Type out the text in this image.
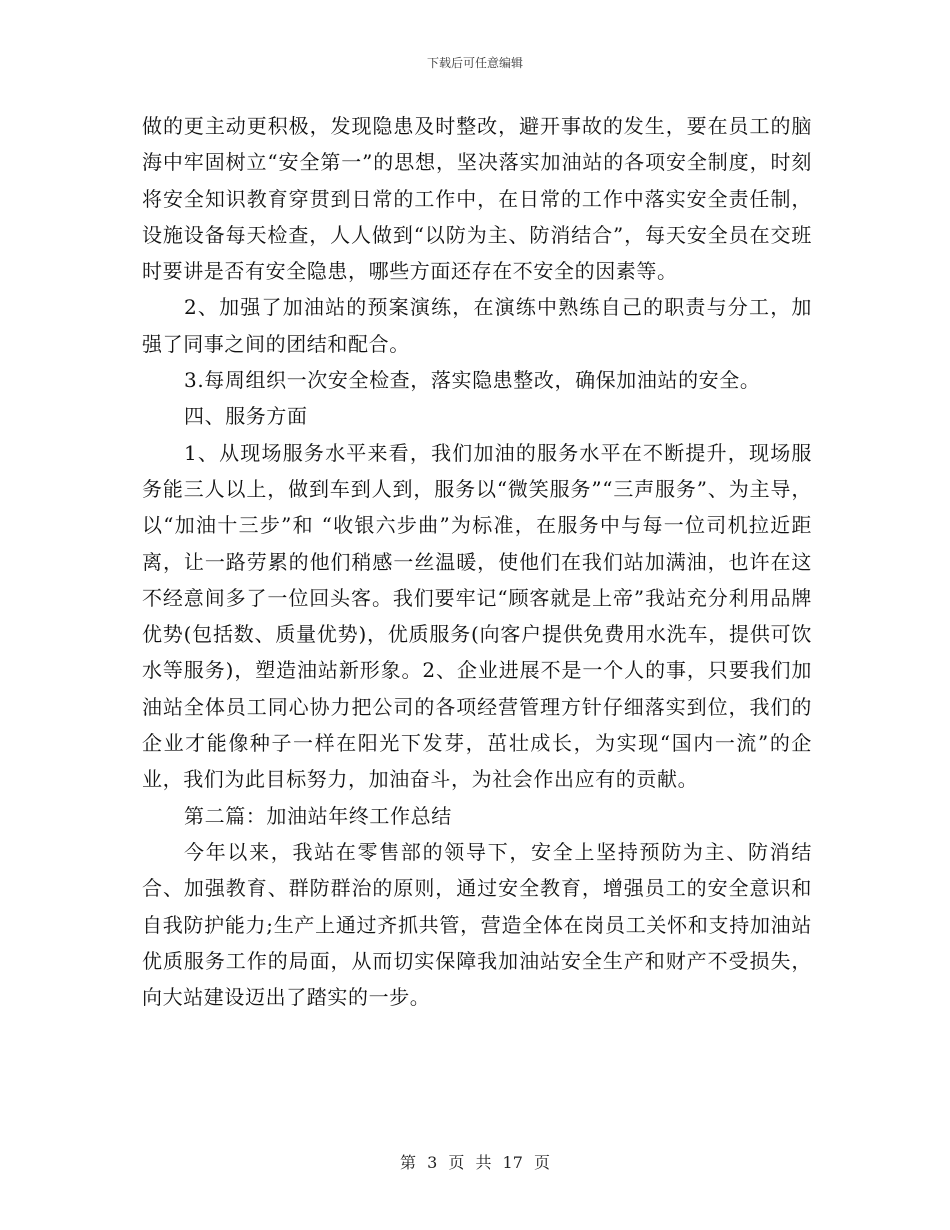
下载后可任意编辑

做的更主动更积极，发现隐患及时整改，避开事故的发生，要在员工的脑海中牢固树立“安全第一”的思想，坚决落实加油站的各项安全制度，时刻将安全知识教育穿贯到日常的工作中，在日常的工作中落实安全责任制，设施设备每天检查，人人做到“以防为主、防消结合”，每天安全员在交班时要讲是否有安全隐患，哪些方面还存在不安全的因素等。

2、加强了加油站的预案演练，在演练中熟练自己的职责与分工，加强了同事之间的团结和配合。

3.每周组织一次安全检查，落实隐患整改，确保加油站的安全。

四、服务方面

1、从现场服务水平来看，我们加油的服务水平在不断提升，现场服务能三人以上，做到车到人到，服务以“微笑服务”“三声服务”、为主导，以“加油十三步”和 “收银六步曲”为标准，在服务中与每一位司机拉近距离，让一路劳累的他们稍感一丝温暖，使他们在我们站加满油，也许在这不经意间多了一位回头客。我们要牢记“顾客就是上帝”我站充分利用品牌优势(包括数、质量优势)，优质服务(向客户提供免费用水洗车，提供可饮水等服务)，塑造油站新形象。2、企业进展不是一个人的事，只要我们加油站全体员工同心协力把公司的各项经营管理方针仔细落实到位，我们的企业才能像种子一样在阳光下发芽，茁壮成长，为实现“国内一流”的企业，我们为此目标努力，加油奋斗，为社会作出应有的贡献。

第二篇：加油站年终工作总结

今年以来，我站在零售部的领导下，安全上坚持预防为主、防消结合、加强教育、群防群治的原则，通过安全教育，增强员工的安全意识和自我防护能力;生产上通过齐抓共管，营造全体在岗员工关怀和支持加油站优质服务工作的局面，从而切实保障我加油站安全生产和财产不受损失，向大站建设迈出了踏实的一步。

第 3 页 共 17 页
